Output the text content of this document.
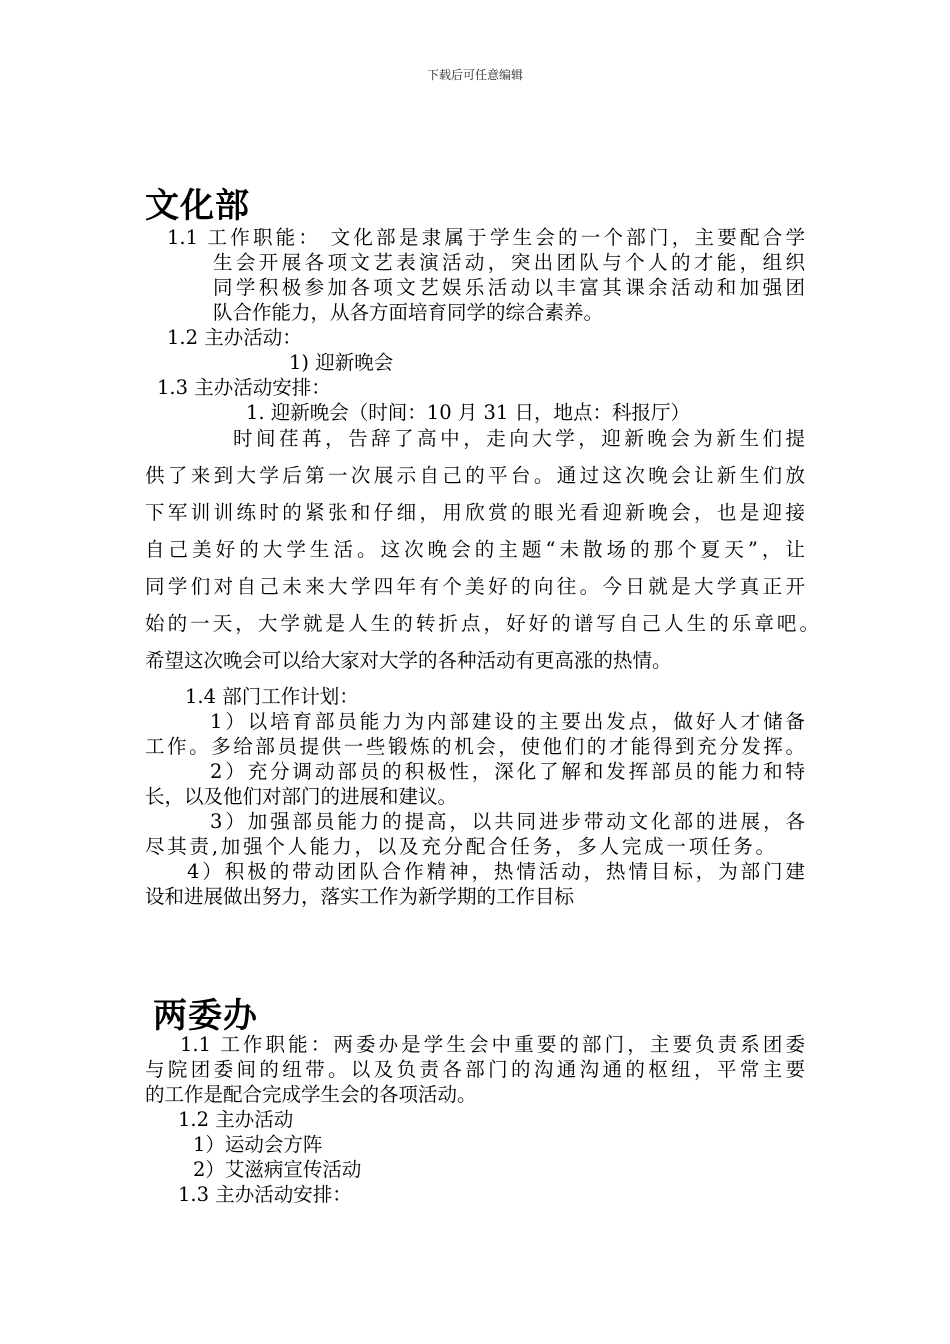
下载后可任意编辑
文化部
1.1 工作职能： 文化部是隶属于学生会的一个部门，主要配合学
生会开展各项文艺表演活动，突出团队与个人的才能，组织
同学积极参加各项文艺娱乐活动以丰富其课余活动和加强团
队合作能力，从各方面培育同学的综合素养。
1.2 主办活动：
1) 迎新晚会
1.3 主办活动安排：
1. 迎新晚会（时间：10 月 31 日，地点：科报厅）
时间荏苒，告辞了高中，走向大学，迎新晚会为新生们提
供了来到大学后第一次展示自己的平台。通过这次晚会让新生们放
下军训训练时的紧张和仔细，用欣赏的眼光看迎新晚会，也是迎接
自己美好的大学生活。这次晚会的主题“未散场的那个夏天”，让
同学们对自己未来大学四年有个美好的向往。今日就是大学真正开
始的一天，大学就是人生的转折点，好好的谱写自己人生的乐章吧。
希望这次晚会可以给大家对大学的各种活动有更高涨的热情。
1.4 部门工作计划：
1）以培育部员能力为内部建设的主要出发点，做好人才储备
工作。多给部员提供一些锻炼的机会，使他们的才能得到充分发挥。
2）充分调动部员的积极性，深化了解和发挥部员的能力和特
长，以及他们对部门的进展和建议。
3）加强部员能力的提高，以共同进步带动文化部的进展，各
尽其责,加强个人能力，以及充分配合任务，多人完成一项任务。
4）积极的带动团队合作精神，热情活动，热情目标，为部门建
设和进展做出努力，落实工作为新学期的工作目标
两委办
1.1 工作职能：两委办是学生会中重要的部门，主要负责系团委
与院团委间的纽带。以及负责各部门的沟通沟通的枢纽，平常主要
的工作是配合完成学生会的各项活动。
1.2 主办活动
1）运动会方阵
2）艾滋病宣传活动
1.3 主办活动安排：
